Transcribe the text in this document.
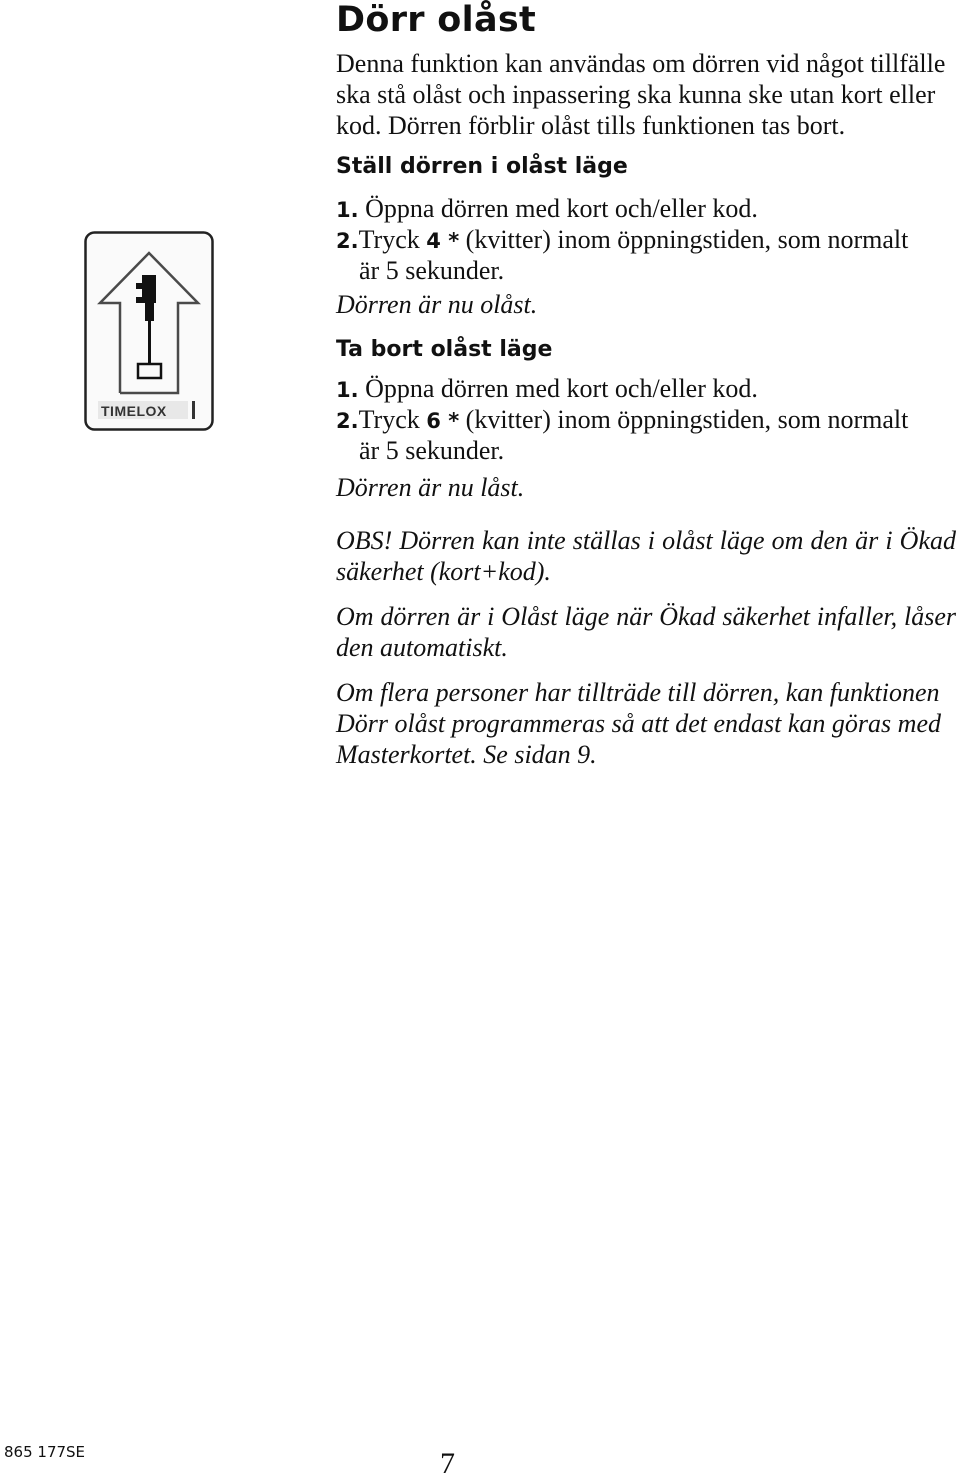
Dörr olåst
Denna funktion kan användas om dörren vid något tillfälle ska stå olåst och inpassering ska kunna ske utan kort eller kod. Dörren förblir olåst tills funktionen tas bort.
Ställ dörren i olåst läge
1. Öppna dörren med kort och/eller kod.
2.Tryck 4 * (kvitter) inom öppningstiden, som normalt
är 5 sekunder.
Dörren är nu olåst.
Ta bort olåst läge
1. Öppna dörren med kort och/eller kod.
2.Tryck 6 * (kvitter) inom öppningstiden, som normalt
är 5 sekunder.
Dörren är nu låst.
OBS! Dörren kan inte ställas i olåst läge om den är i Ökad säkerhet (kort+kod).
Om dörren är i Olåst läge när Ökad säkerhet infaller, låser den automatiskt.
Om flera personer har tillträde till dörren, kan funktionen Dörr olåst programmeras så att det endast kan göras med Masterkortet. Se sidan 9.
TIMELOX
865 177SE	7
